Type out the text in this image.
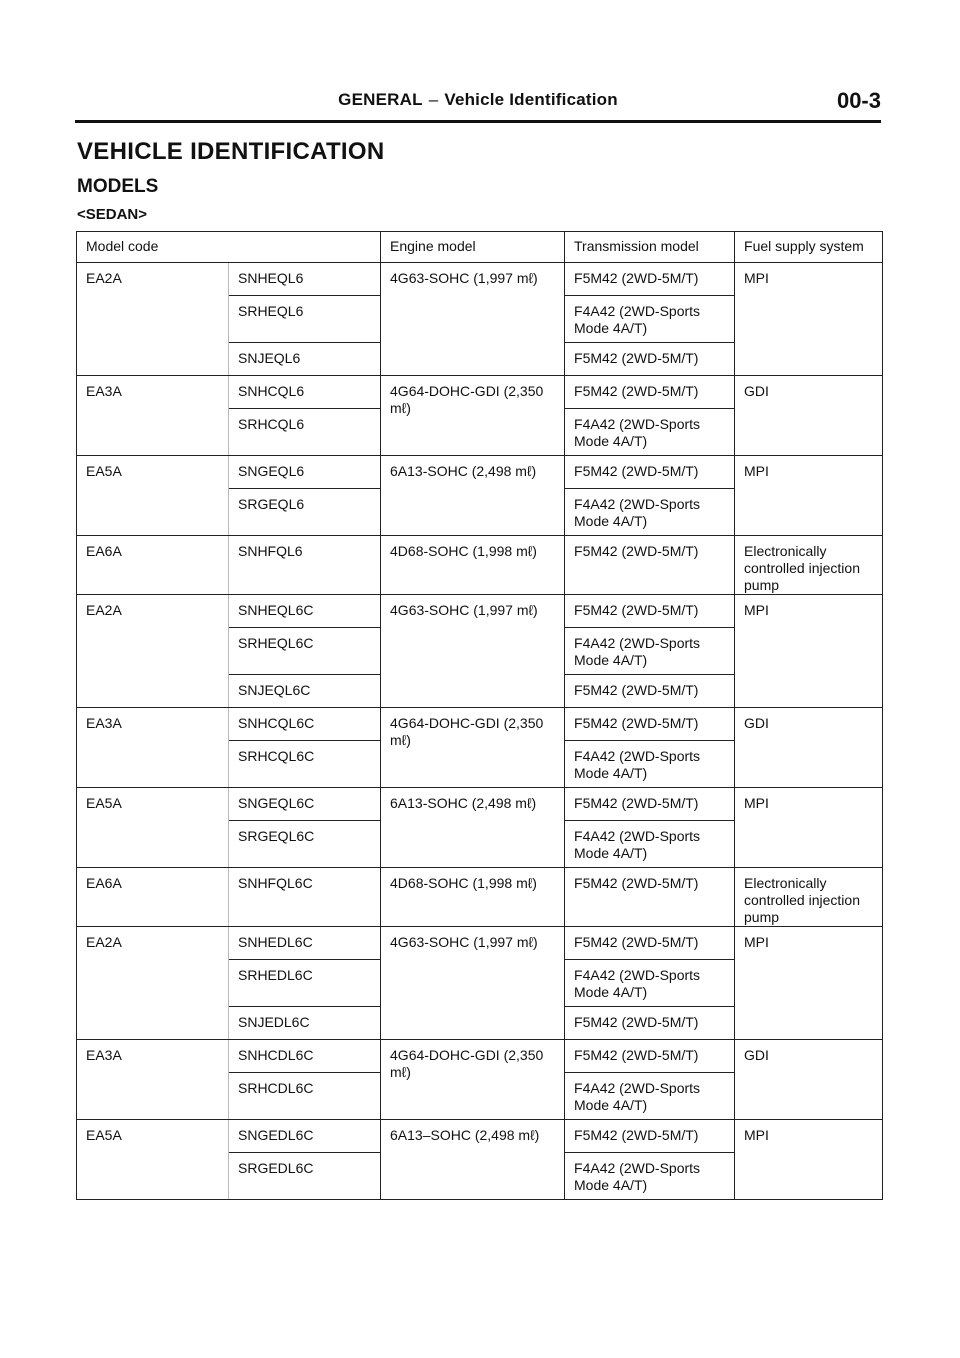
GENERAL – Vehicle Identification	00-3
VEHICLE IDENTIFICATION
MODELS
<SEDAN>
Model code		Engine model	Transmission model	Fuel supply system
EA2A	SNHEQL6	4G63-SOHC (1,997 mℓ)	F5M42 (2WD-5M/T)	MPI
	SRHEQL6		F4A42 (2WD-Sports Mode 4A/T)	
	SNJEQL6		F5M42 (2WD-5M/T)	
EA3A	SNHCQL6	4G64-DOHC-GDI (2,350 mℓ)	F5M42 (2WD-5M/T)	GDI
	SRHCQL6		F4A42 (2WD-Sports Mode 4A/T)	
EA5A	SNGEQL6	6A13-SOHC (2,498 mℓ)	F5M42 (2WD-5M/T)	MPI
	SRGEQL6		F4A42 (2WD-Sports Mode 4A/T)	
EA6A	SNHFQL6	4D68-SOHC (1,998 mℓ)	F5M42 (2WD-5M/T)	Electronically controlled injection pump
EA2A	SNHEQL6C	4G63-SOHC (1,997 mℓ)	F5M42 (2WD-5M/T)	MPI
	SRHEQL6C		F4A42 (2WD-Sports Mode 4A/T)	
	SNJEQL6C		F5M42 (2WD-5M/T)	
EA3A	SNHCQL6C	4G64-DOHC-GDI (2,350 mℓ)	F5M42 (2WD-5M/T)	GDI
	SRHCQL6C		F4A42 (2WD-Sports Mode 4A/T)	
EA5A	SNGEQL6C	6A13-SOHC (2,498 mℓ)	F5M42 (2WD-5M/T)	MPI
	SRGEQL6C		F4A42 (2WD-Sports Mode 4A/T)	
EA6A	SNHFQL6C	4D68-SOHC (1,998 mℓ)	F5M42 (2WD-5M/T)	Electronically controlled injection pump
EA2A	SNHEDL6C	4G63-SOHC (1,997 mℓ)	F5M42 (2WD-5M/T)	MPI
	SRHEDL6C		F4A42 (2WD-Sports Mode 4A/T)	
	SNJEDL6C		F5M42 (2WD-5M/T)	
EA3A	SNHCDL6C	4G64-DOHC-GDI (2,350 mℓ)	F5M42 (2WD-5M/T)	GDI
	SRHCDL6C		F4A42 (2WD-Sports Mode 4A/T)	
EA5A	SNGEDL6C	6A13–SOHC (2,498 mℓ)	F5M42 (2WD-5M/T)	MPI
	SRGEDL6C		F4A42 (2WD-Sports Mode 4A/T)	
